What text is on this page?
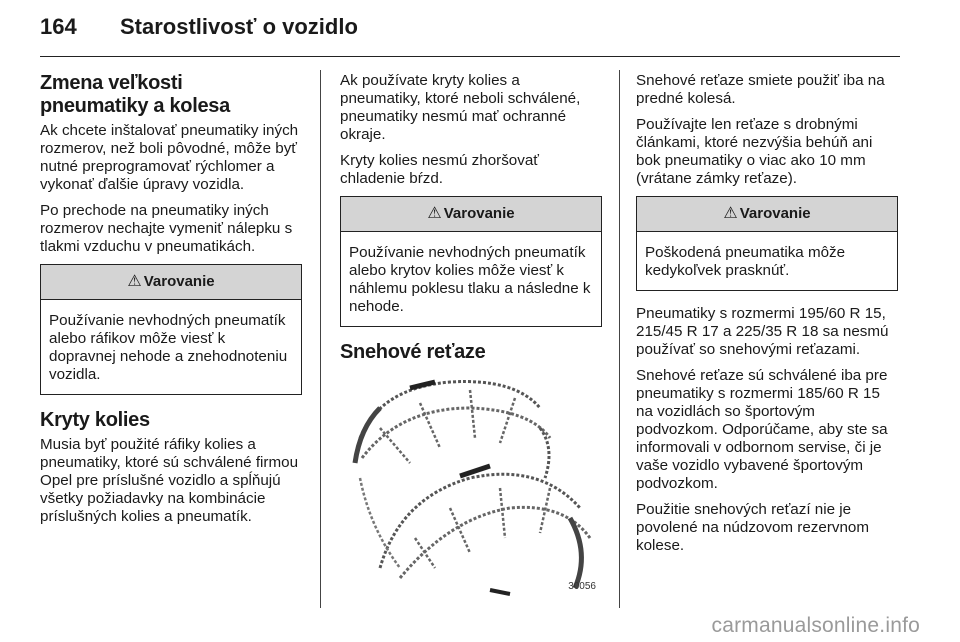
164 Starostlivosť o vozidlo
Zmena veľkosti pneumatiky a kolesa

Ak chcete inštalovať pneumatiky iných rozmerov, než boli pôvodné, môže byť nutné preprogramovať rýchlomer a vykonať ďalšie úpravy vozidla.

Po prechode na pneumatiky iných rozmerov nechajte vymeniť nálepku s tlakmi vzduchu v pneumatikách.

⚠ Varovanie
Používanie nevhodných pneumatík alebo ráfikov môže viesť k dopravnej nehode a znehodnoteniu vozidla.
Kryty kolies

Musia byť použité ráfiky kolies a pneumatiky, ktoré sú schválené firmou Opel pre príslušné vozidlo a spĺňujú všetky požiadavky na kombinácie príslušných kolies a pneumatík.

Ak používate kryty kolies a pneumatiky, ktoré neboli schválené, pneumatiky nesmú mať ochranné okraje.

Kryty kolies nesmú zhoršovať chladenie bŕzd.

⚠ Varovanie
Používanie nevhodných pneumatík alebo krytov kolies môže viesť k náhlemu poklesu tlaku a následne k nehode.
Snehové reťaze
30056

Snehové reťaze smiete použiť iba na predné kolesá.

Používajte len reťaze s drobnými článkami, ktoré nezvýšia behúň ani bok pneumatiky o viac ako 10 mm (vrátane zámky reťaze).

⚠ Varovanie
Poškodená pneumatika môže kedykoľvek prasknúť.

Pneumatiky s rozmermi 195/60 R 15, 215/45 R 17 a 225/35 R 18 sa nesmú používať so snehovými reťazami.

Snehové reťaze sú schválené iba pre pneumatiky s rozmermi 185/60 R 15 na vozidlách so športovým podvozkom. Odporúčame, aby ste sa informovali v odbornom servise, či je vaše vozidlo vybavené športovým podvozkom.

Použitie snehových reťazí nie je povolené na núdzovom rezervnom kolese.

carmanualsonline.info
